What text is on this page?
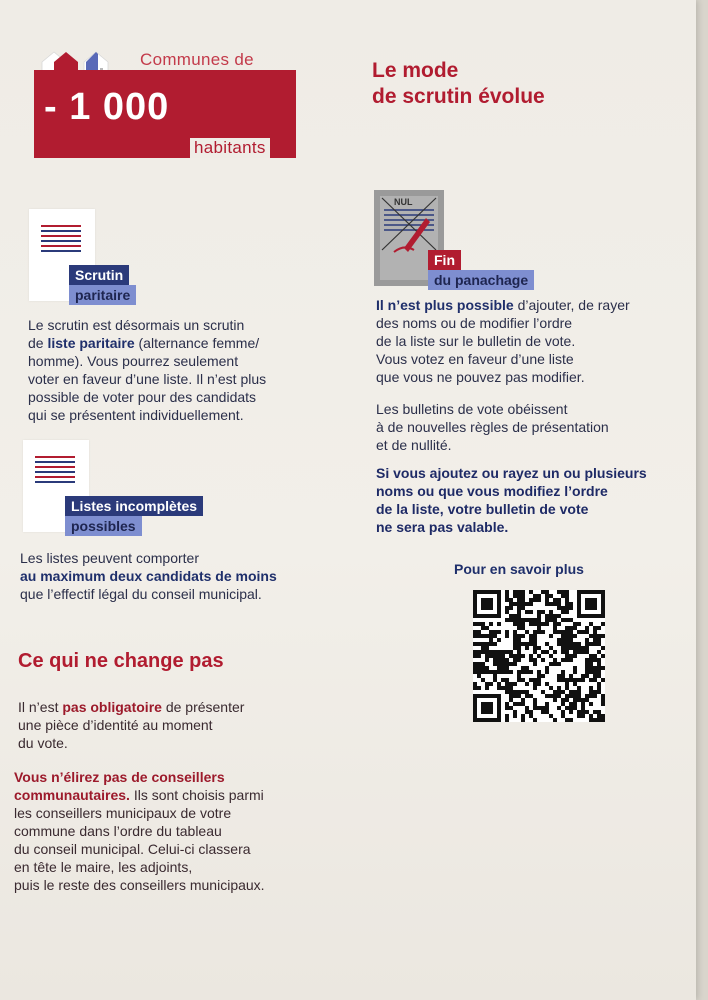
Communes de
- 1 000
habitants
Le mode
de scrutin évolue
Scrutin
paritaire
Le scrutin est désormais un scrutin
de liste paritaire (alternance femme/
homme). Vous pourrez seulement
voter en faveur d’une liste. Il n’est plus
possible de voter pour des candidats
qui se présentent individuellement.
Listes incomplètes
possibles
Les listes peuvent comporter
au maximum deux candidats de moins
que l’effectif légal du conseil municipal.
NUL
Fin
du panachage
Il n’est plus possible d’ajouter, de rayer
des noms ou de modifier l’ordre
de la liste sur le bulletin de vote.
Vous votez en faveur d’une liste
que vous ne pouvez pas modifier.
Les bulletins de vote obéissent
à de nouvelles règles de présentation
et de nullité.
Si vous ajoutez ou rayez un ou plusieurs
noms ou que vous modifiez l’ordre
de la liste, votre bulletin de vote
ne sera pas valable.
Pour en savoir plus
Ce qui ne change pas
Il n’est pas obligatoire de présenter
une pièce d’identité au moment
du vote.
Vous n’élirez pas de conseillers
communautaires. Ils sont choisis parmi
les conseillers municipaux de votre
commune dans l’ordre du tableau
du conseil municipal. Celui-ci classera
en tête le maire, les adjoints,
puis le reste des conseillers municipaux.
